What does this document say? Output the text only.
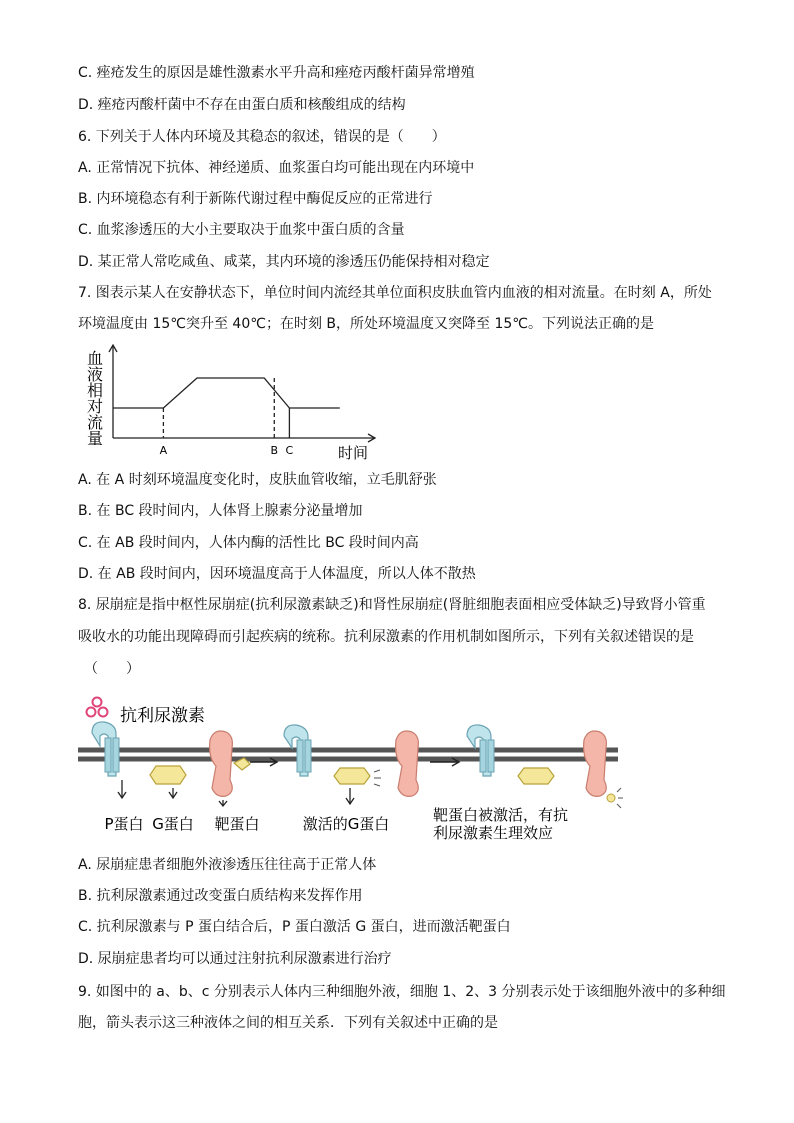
C. 痤疮发生的原因是雄性激素水平升高和痤疮丙酸杆菌异常增殖
D. 痤疮丙酸杆菌中不存在由蛋白质和核酸组成的结构
6. 下列关于人体内环境及其稳态的叙述，错误的是（　　）
A. 正常情况下抗体、神经递质、血浆蛋白均可能出现在内环境中
B. 内环境稳态有利于新陈代谢过程中酶促反应的正常进行
C. 血浆渗透压的大小主要取决于血浆中蛋白质的含量
D. 某正常人常吃咸鱼、咸菜，其内环境的渗透压仍能保持相对稳定
7. 图表示某人在安静状态下，单位时间内流经其单位面积皮肤血管内血液的相对流量。在时刻 A，所处
环境温度由 15℃突升至 40℃；在时刻 B，所处环境温度又突降至 15℃。下列说法正确的是
血
液
相
对
流
量
A	B C	时间
A. 在 A 时刻环境温度变化时，皮肤血管收缩，立毛肌舒张
B. 在 BC 段时间内，人体肾上腺素分泌量增加
C. 在 AB 段时间内，人体内酶的活性比 BC 段时间内高
D. 在 AB 段时间内，因环境温度高于人体温度，所以人体不散热
8. 尿崩症是指中枢性尿崩症(抗利尿激素缺乏)和肾性尿崩症(肾脏细胞表面相应受体缺乏)导致肾小管重
吸收水的功能出现障碍而引起疾病的统称。抗利尿激素的作用机制如图所示，下列有关叙述错误的是
（　　）
抗利尿激素
P蛋白 G蛋白 靶蛋白	激活的G蛋白	靶蛋白被激活，有抗
利尿激素生理效应
A. 尿崩症患者细胞外液渗透压往往高于正常人体
B. 抗利尿激素通过改变蛋白质结构来发挥作用
C. 抗利尿激素与 P 蛋白结合后，P 蛋白激活 G 蛋白，进而激活靶蛋白
D. 尿崩症患者均可以通过注射抗利尿激素进行治疗
9. 如图中的 a、b、c 分别表示人体内三种细胞外液，细胞 1、2、3 分别表示处于该细胞外液中的多种细
胞，箭头表示这三种液体之间的相互关系．下列有关叙述中正确的是
